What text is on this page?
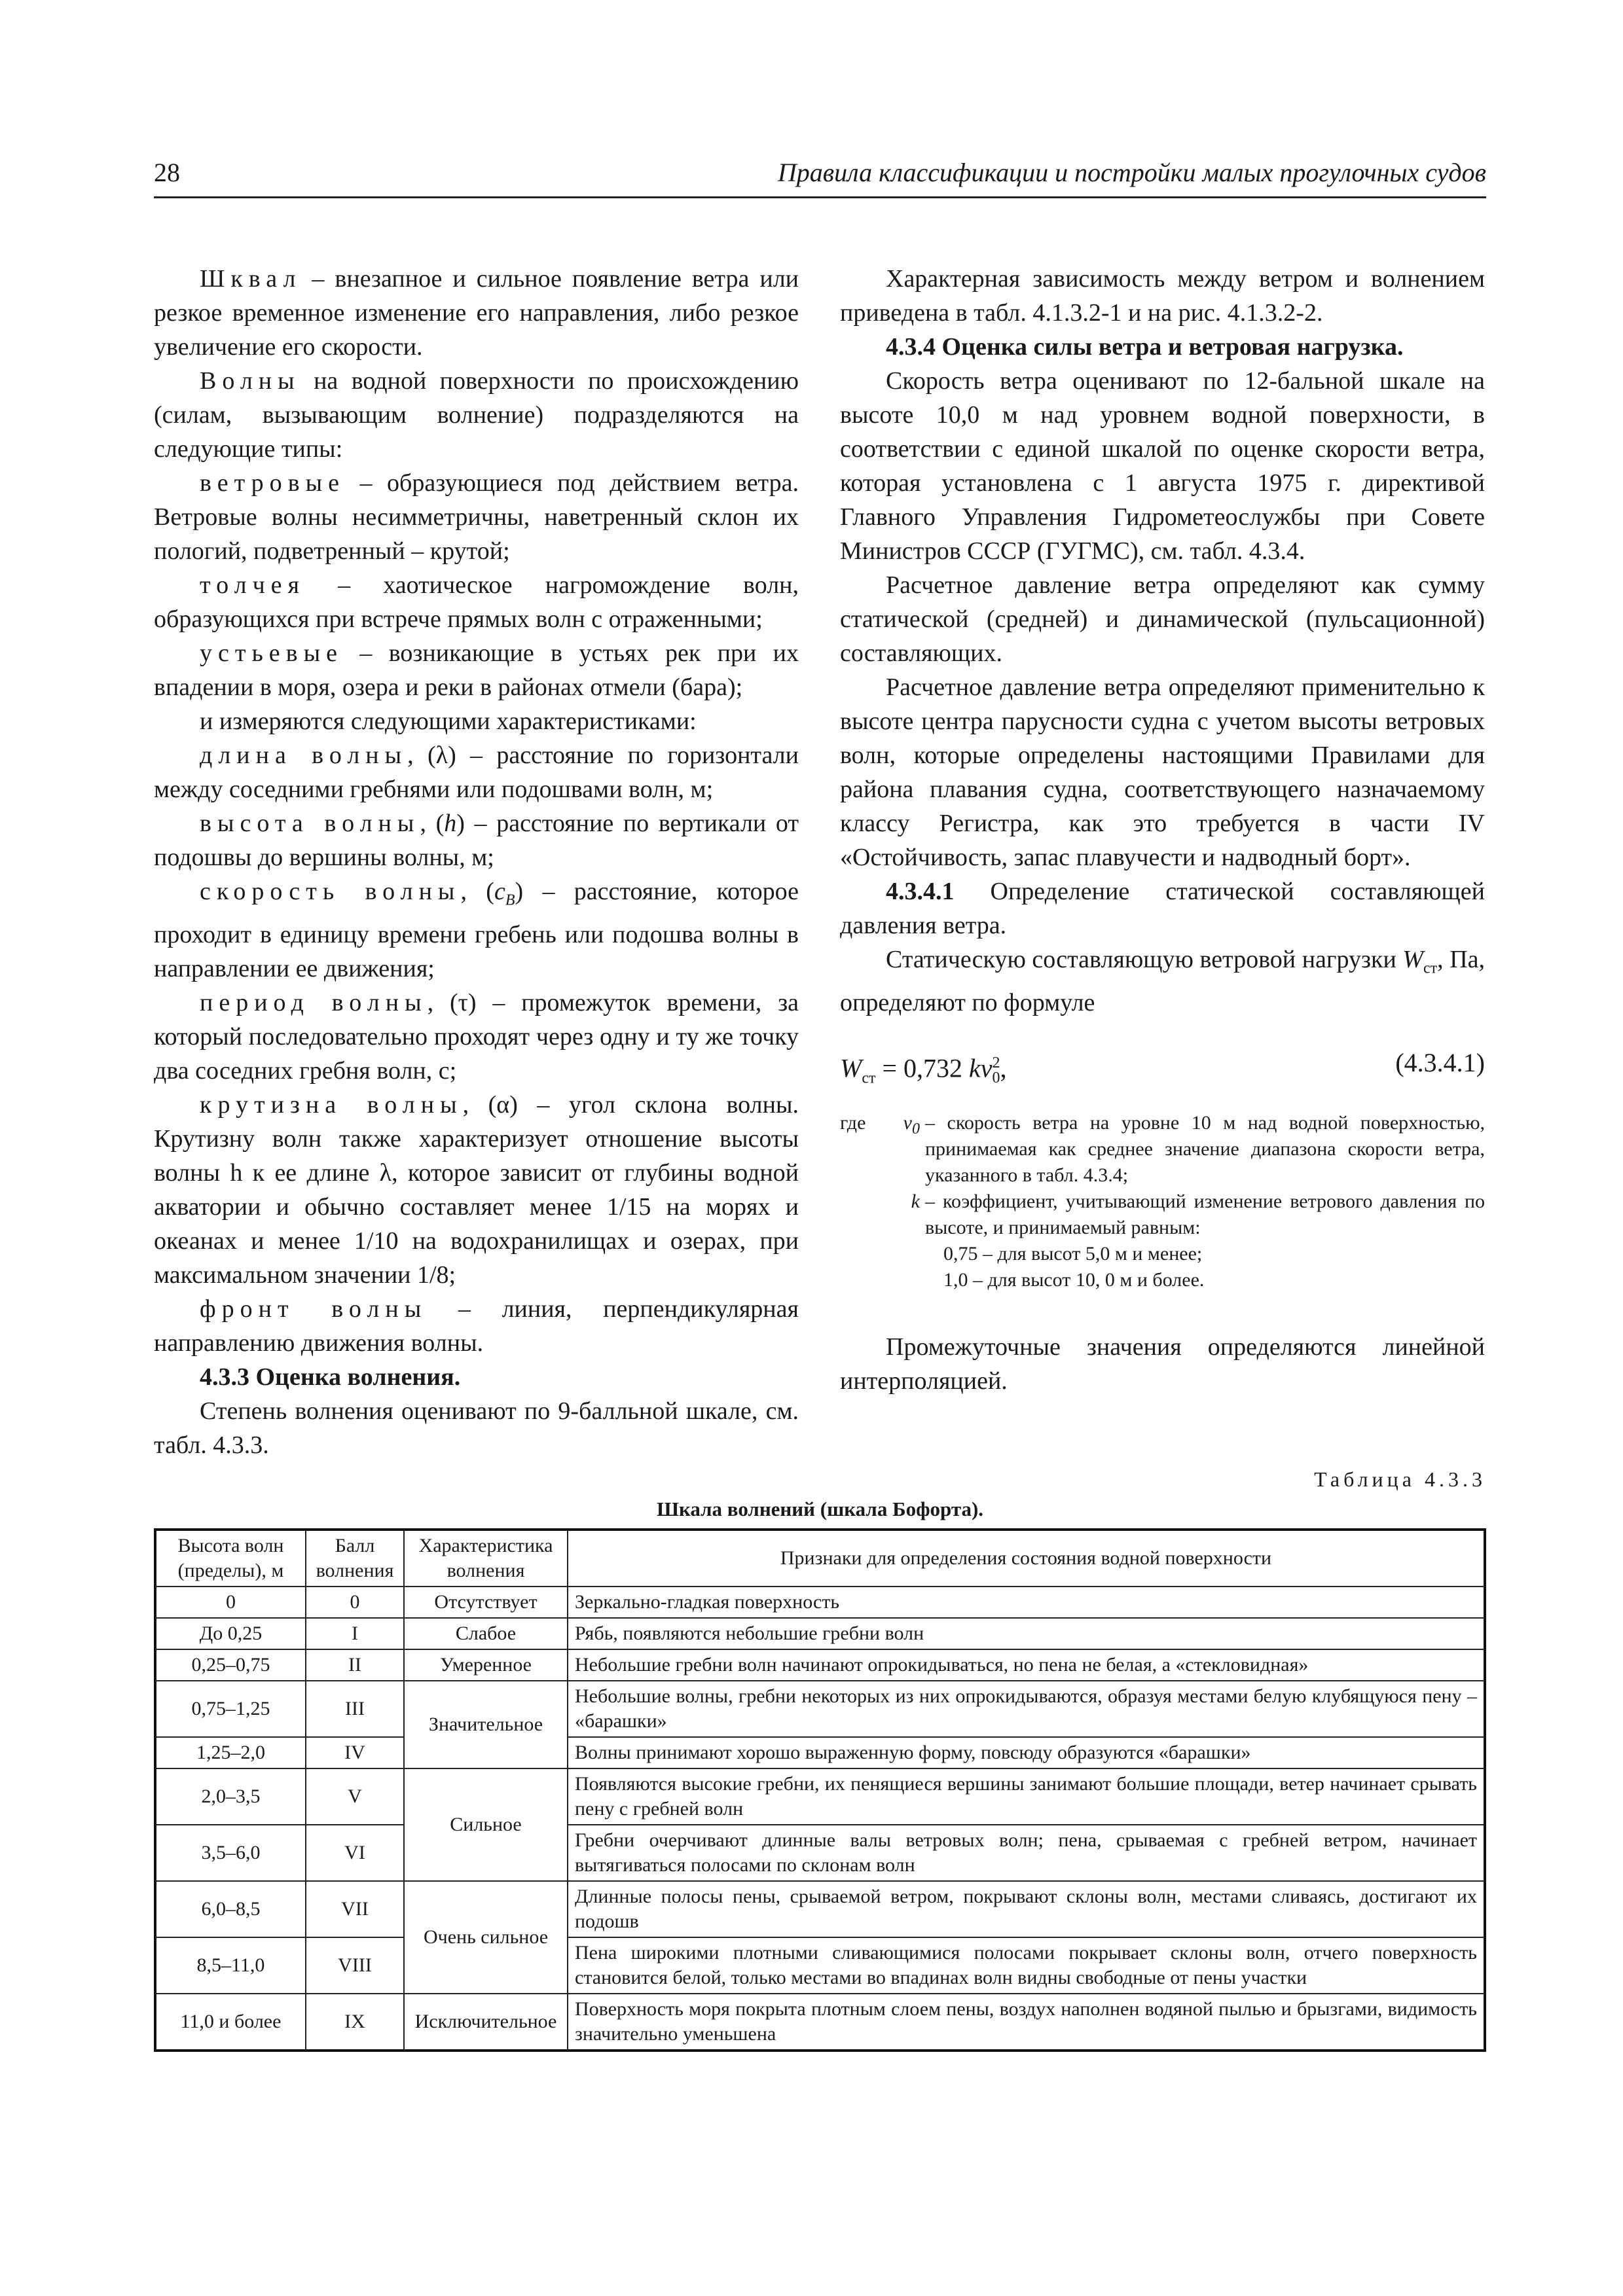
28	Правила классификации и постройки малых прогулочных судов

Шквал – внезапное и сильное появление ветра или резкое временное изменение его направления, либо резкое увеличение его скорости.

Волны на водной поверхности по происхождению (силам, вызывающим волнение) подразделяются на следующие типы:

ветровые – образующиеся под действием ветра. Ветровые волны несимметричны, наветренный склон их пологий, подветренный – крутой;

толчея – хаотическое нагромождение волн, образующихся при встрече прямых волн с отраженными;

устьевые – возникающие в устьях рек при их впадении в моря, озера и реки в районах отмели (бара);

и измеряются следующими характеристиками:

длина волны, (λ) – расстояние по горизонтали между соседними гребнями или подошвами волн, м;

высота волны, (h) – расстояние по вертикали от подошвы до вершины волны, м;

скорость волны, $(c_B)$ – расстояние, которое проходит в единицу времени гребень или подошва волны в направлении ее движения;

период волны, (τ) – промежуток времени, за который последовательно проходят через одну и ту же точку два соседних гребня волн, с;

крутизна волны, (α) – угол склона волны. Крутизну волн также характеризует отношение высоты волны h к ее длине λ, которое зависит от глубины водной акватории и обычно составляет менее 1/15 на морях и океанах и менее 1/10 на водохранилищах и озерах, при максимальном значении 1/8;

фронт волны – линия, перпендикулярная направлению движения волны.

4.3.3 Оценка волнения.

Степень волнения оценивают по 9-балльной шкале, см. табл. 4.3.3.

Характерная зависимость между ветром и волнением приведена в табл. 4.1.3.2-1 и на рис. 4.1.3.2-2.

4.3.4 Оценка силы ветра и ветровая нагрузка.

Скорость ветра оценивают по 12-бальной шкале на высоте 10,0 м над уровнем водной поверхности, в соответствии с единой шкалой по оценке скорости ветра, которая установлена с 1 августа 1975 г. директивой Главного Управления Гидрометеослужбы при Совете Министров СССР (ГУГМС), см. табл. 4.3.4.

Расчетное давление ветра определяют как сумму статической (средней) и динамической (пульсационной) составляющих.

Расчетное давление ветра определяют применительно к высоте центра парусности судна с учетом высоты ветровых волн, которые определены настоящими Правилами для района плавания судна, соответствующего назначаемому классу Регистра, как это требуется в части IV «Остойчивость, запас плавучести и надводный борт».

4.3.4.1 Определение статической составляющей давления ветра.

Статическую составляющую ветровой нагрузки $W_{ст}$, Па, определяют по формуле

$W_{ст} = 0,732$ $kv^2_0$,	(4.3.4.1)
где	$v_0$ – скорость ветра на уровне 10 м над водной поверхностью, принимаемая как среднее значение диапазона скорости ветра, указанного в табл. 4.3.4;
k – коэффициент, учитывающий изменение ветрового давления по высоте, и принимаемый равным:
0,75 – для высот 5,0 м и менее;
1,0 – для высот 10, 0 м и более.

Промежуточные значения определяются линейной интерполяцией.

Таблица 4.3.3
Шкала волнений (шкала Бофорта).
Высота волн (пределы), м	Балл волнения	Характеристика волнения	Признаки для определения состояния водной поверхности
0	0	Отсутствует	Зеркально-гладкая поверхность
До 0,25	I	Слабое	Рябь, появляются небольшие гребни волн
0,25–0,75	II	Умеренное	Небольшие гребни волн начинают опрокидываться, но пена не белая, а «стекловидная»
0,75–1,25	III	Значительное	Небольшие волны, гребни некоторых из них опрокидываются, образуя местами белую клубящуюся пену – «барашки»
1,25–2,0	IV		Волны принимают хорошо выраженную форму, повсюду образуются «барашки»
2,0–3,5	V	Сильное	Появляются высокие гребни, их пенящиеся вершины занимают большие площади, ветер начинает срывать пену с гребней волн
3,5–6,0	VI		Гребни очерчивают длинные валы ветровых волн; пена, срываемая с гребней ветром, начинает вытягиваться полосами по склонам волн
6,0–8,5	VII	Очень сильное	Длинные полосы пены, срываемой ветром, покрывают склоны волн, местами сливаясь, достигают их подошв
8,5–11,0	VIII		Пена широкими плотными сливающимися полосами покрывает склоны волн, отчего поверхность становится белой, только местами во впадинах волн видны свободные от пены участки
11,0 и более	IX	Исключительное	Поверхность моря покрыта плотным слоем пены, воздух наполнен водяной пылью и брызгами, видимость значительно уменьшена
